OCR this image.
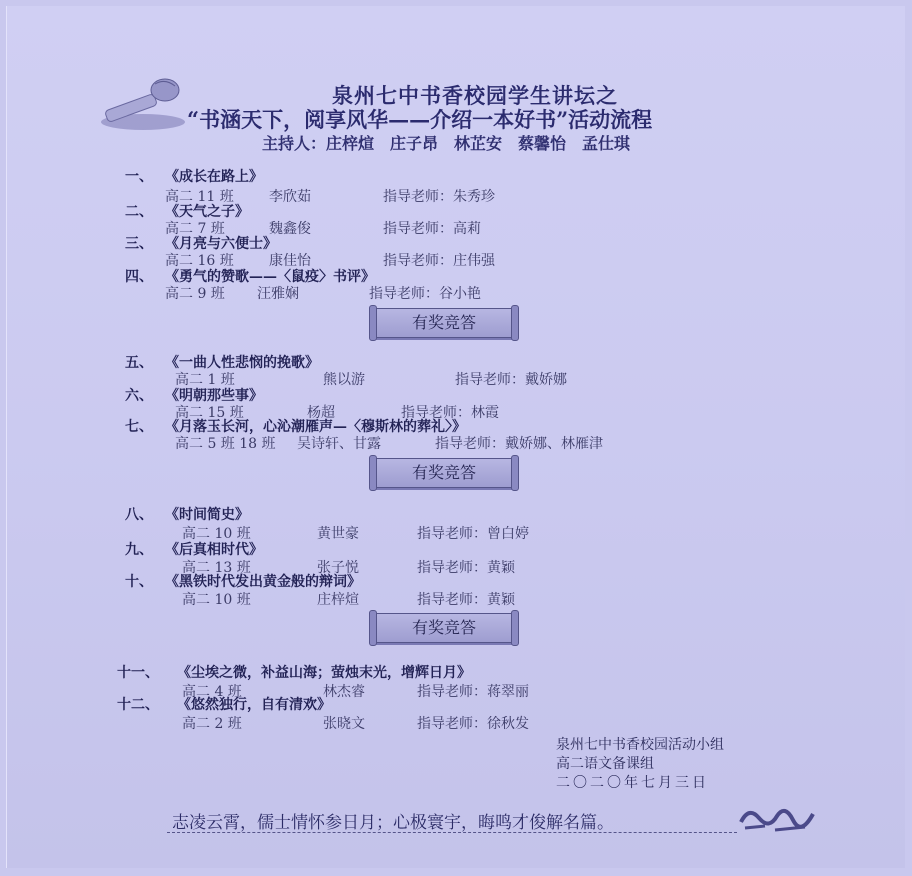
泉州七中书香校园学生讲坛之
“书涵天下，阅享风华——介绍一本好书”活动流程
主持人：庄梓煊　庄子昂　林芷安　蔡馨怡　孟仕琪
一、 《成长在路上》
高二 11 班	李欣茹	指导老师：朱秀珍
二、 《天气之子》
高二 7 班	魏鑫俊	指导老师：高莉
三、 《月亮与六便士》
高二 16 班	康佳怡	指导老师：庄伟强
四、 《勇气的赞歌——〈鼠疫〉书评》
高二 9 班 汪雅娴	指导老师：谷小艳
五、 《一曲人性悲悯的挽歌》
高二 1 班	熊以游	指导老师：戴娇娜
六、 《明朝那些事》
高二 15 班	杨超	指导老师：林霞
七、 《月落玉长河，心沁潮雁声—〈穆斯林的葬礼〉》
高二 5 班 18 班 吴诗轩、甘露	指导老师：戴娇娜、林雁津
八、 《时间简史》
高二 10 班	黄世豪	指导老师：曾白婷
九、 《后真相时代》
高二 13 班	张子悦	指导老师：黄颖
十、 《黑铁时代发出黄金般的辩词》
高二 10 班	庄梓煊	指导老师：黄颖
十一、 《尘埃之微，补益山海；萤烛末光，增辉日月》
高二 4 班	林杰睿	指导老师：蒋翠丽
十二、 《悠然独行，自有清欢》
高二 2 班	张晓文	指导老师：徐秋发
有奖竞答
有奖竞答
有奖竞答
泉州七中书香校园活动小组
高二语文备课组
二〇二〇年七月三日
志凌云霄，儒士情怀参日月；心极寰宇，晦鸣才俊解名篇。
